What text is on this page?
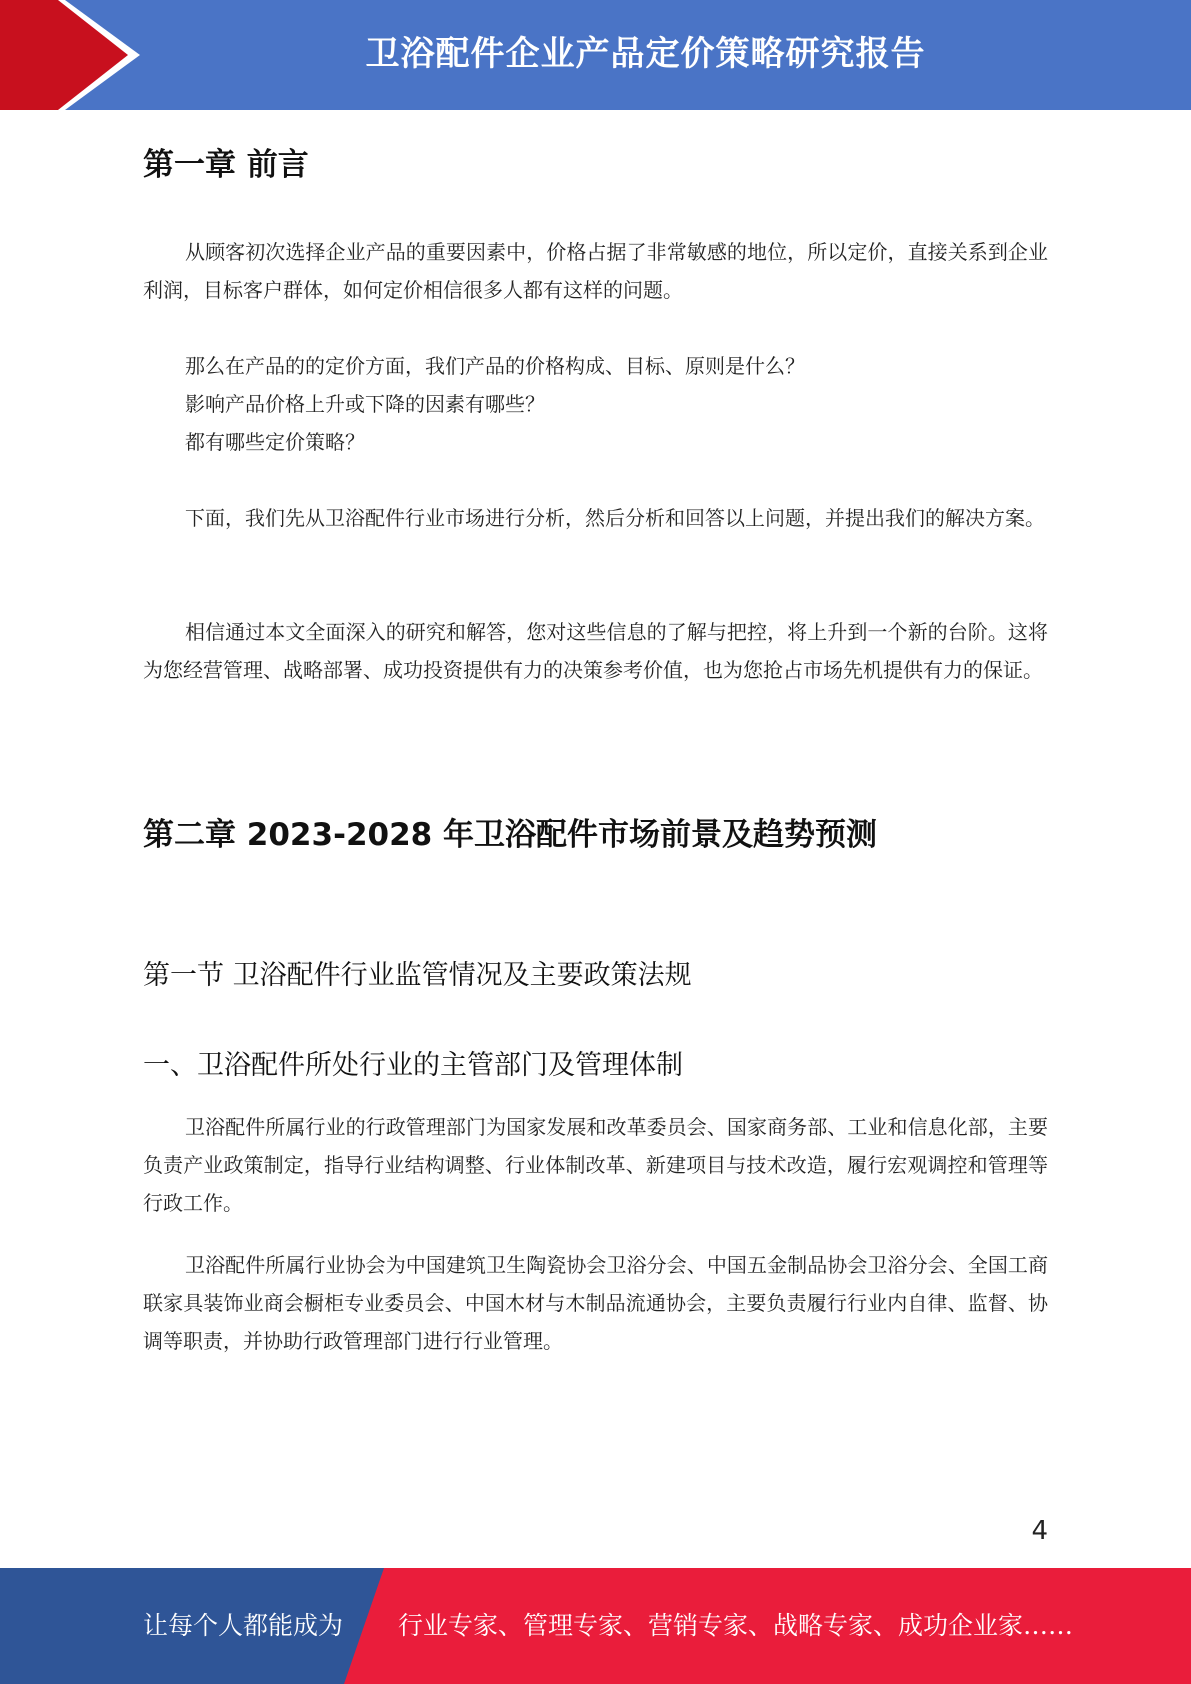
卫浴配件企业产品定价策略研究报告
第一章 前言

从顾客初次选择企业产品的重要因素中，价格占据了非常敏感的地位，所以定价，直接关系到企业利润，目标客户群体，如何定价相信很多人都有这样的问题。

那么在产品的的定价方面，我们产品的价格构成、目标、原则是什么？
影响产品价格上升或下降的因素有哪些？
都有哪些定价策略？

下面，我们先从卫浴配件行业市场进行分析，然后分析和回答以上问题，并提出我们的解决方案。

相信通过本文全面深入的研究和解答，您对这些信息的了解与把控，将上升到一个新的台阶。这将为您经营管理、战略部署、成功投资提供有力的决策参考价值，也为您抢占市场先机提供有力的保证。

第二章 2023-2028 年卫浴配件市场前景及趋势预测
第一节 卫浴配件行业监管情况及主要政策法规
一、卫浴配件所处行业的主管部门及管理体制

卫浴配件所属行业的行政管理部门为国家发展和改革委员会、国家商务部、工业和信息化部，主要负责产业政策制定，指导行业结构调整、行业体制改革、新建项目与技术改造，履行宏观调控和管理等行政工作。

卫浴配件所属行业协会为中国建筑卫生陶瓷协会卫浴分会、中国五金制品协会卫浴分会、全国工商联家具装饰业商会橱柜专业委员会、中国木材与木制品流通协会，主要负责履行行业内自律、监督、协调等职责，并协助行政管理部门进行行业管理。

4
让每个人都能成为 行业专家、管理专家、营销专家、战略专家、成功企业家……
